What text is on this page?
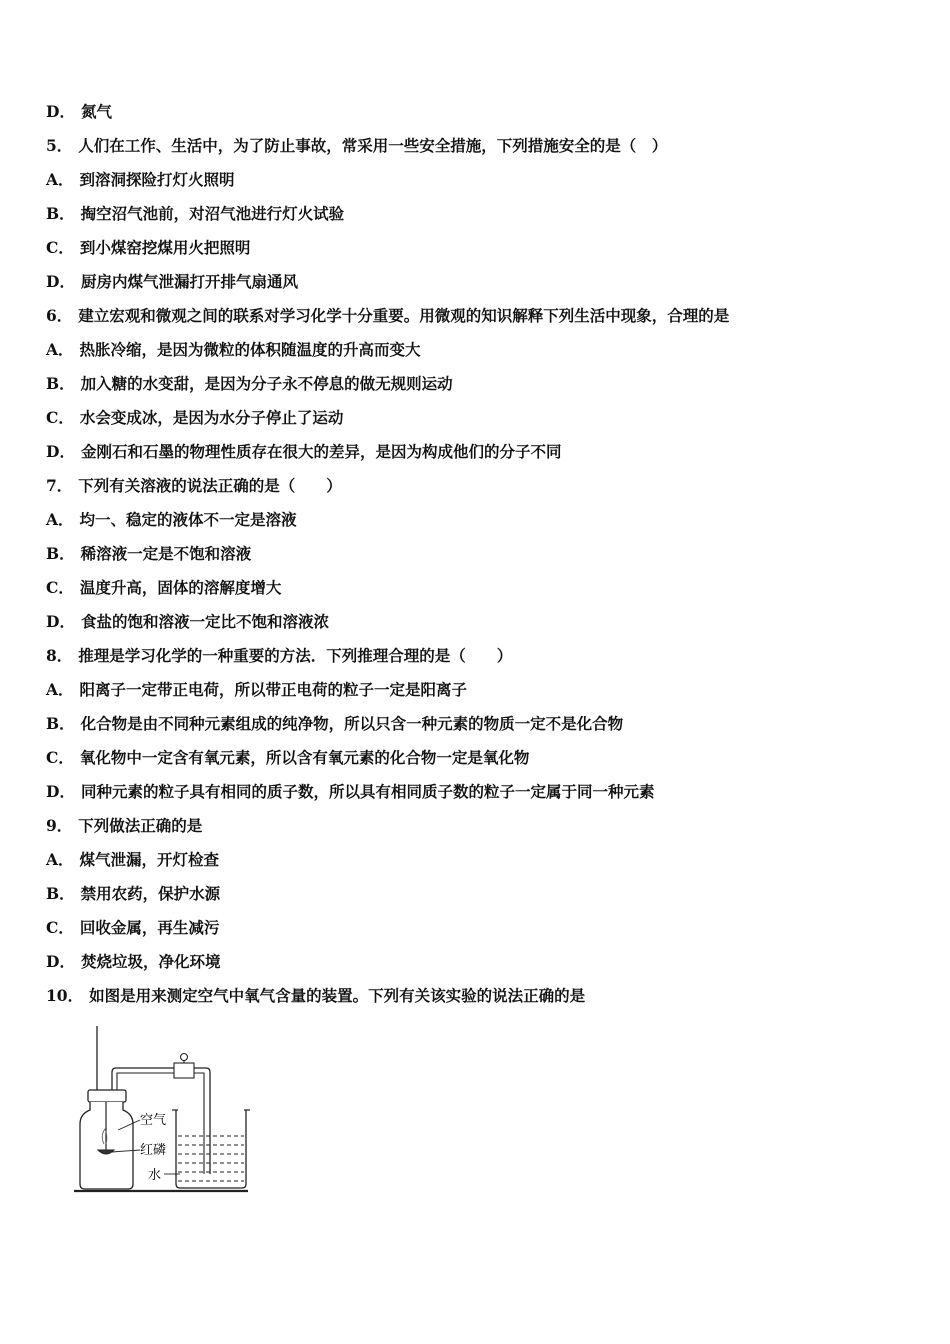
D． 氮气
5． 人们在工作、生活中，为了防止事故，常采用一些安全措施，下列措施安全的是（　）
A． 到溶洞探险打灯火照明
B． 掏空沼气池前，对沼气池进行灯火试验
C． 到小煤窑挖煤用火把照明
D． 厨房内煤气泄漏打开排气扇通风
6． 建立宏观和微观之间的联系对学习化学十分重要。用微观的知识解释下列生活中现象，合理的是
A． 热胀冷缩，是因为微粒的体积随温度的升高而变大
B． 加入糖的水变甜，是因为分子永不停息的做无规则运动
C． 水会变成冰，是因为水分子停止了运动
D． 金刚石和石墨的物理性质存在很大的差异，是因为构成他们的分子不同
7． 下列有关溶液的说法正确的是（　　）
A． 均一、稳定的液体不一定是溶液
B． 稀溶液一定是不饱和溶液
C． 温度升高，固体的溶解度增大
D． 食盐的饱和溶液一定比不饱和溶液浓
8． 推理是学习化学的一种重要的方法．下列推理合理的是（　　）
A． 阳离子一定带正电荷，所以带正电荷的粒子一定是阳离子
B． 化合物是由不同种元素组成的纯净物，所以只含一种元素的物质一定不是化合物
C． 氧化物中一定含有氧元素，所以含有氧元素的化合物一定是氧化物
D． 同种元素的粒子具有相同的质子数，所以具有相同质子数的粒子一定属于同一种元素
9． 下列做法正确的是
A． 煤气泄漏，开灯检查
B． 禁用农药，保护水源
C． 回收金属，再生减污
D． 焚烧垃圾，净化环境
10． 如图是用来测定空气中氧气含量的装置。下列有关该实验的说法正确的是
空气
红磷
水
